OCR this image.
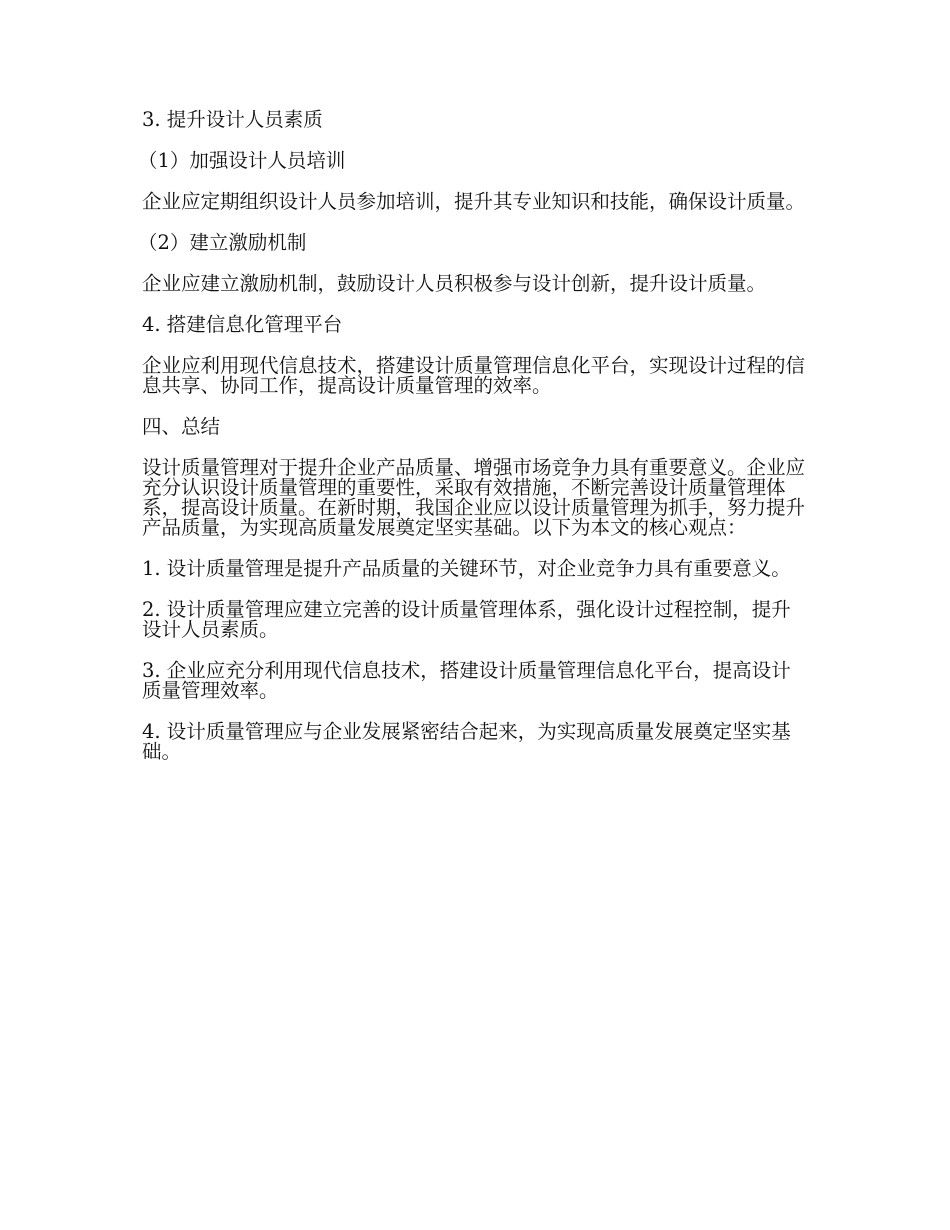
3. 提升设计人员素质

（1）加强设计人员培训

企业应定期组织设计人员参加培训，提升其专业知识和技能，确保设计质量。

（2）建立激励机制

企业应建立激励机制，鼓励设计人员积极参与设计创新，提升设计质量。

4. 搭建信息化管理平台

企业应利用现代信息技术，搭建设计质量管理信息化平台，实现设计过程的信息共享、协同工作，提高设计质量管理的效率。

四、总结

设计质量管理对于提升企业产品质量、增强市场竞争力具有重要意义。企业应充分认识设计质量管理的重要性，采取有效措施，不断完善设计质量管理体系，提高设计质量。在新时期，我国企业应以设计质量管理为抓手，努力提升产品质量，为实现高质量发展奠定坚实基础。以下为本文的核心观点：

1. 设计质量管理是提升产品质量的关键环节，对企业竞争力具有重要意义。

2. 设计质量管理应建立完善的设计质量管理体系，强化设计过程控制，提升设计人员素质。

3. 企业应充分利用现代信息技术，搭建设计质量管理信息化平台，提高设计质量管理效率。

4. 设计质量管理应与企业发展紧密结合起来，为实现高质量发展奠定坚实基础。
